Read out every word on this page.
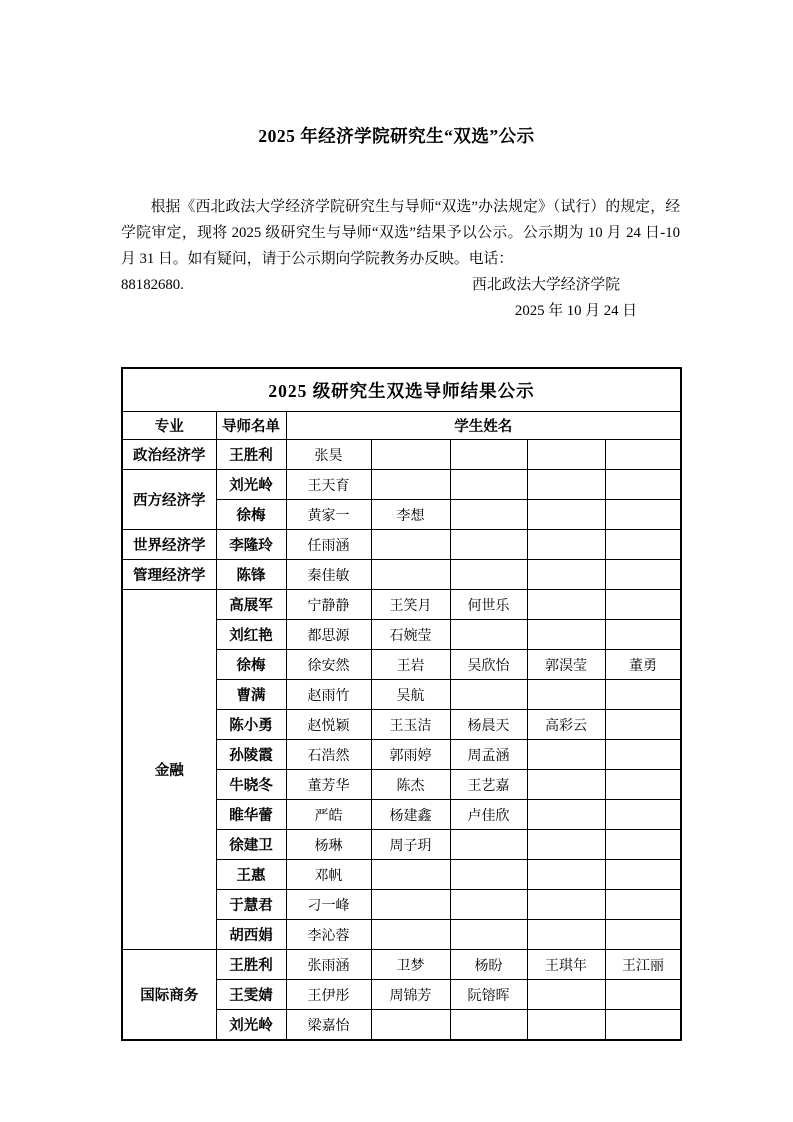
2025 年经济学院研究生“双选”公示

根据《西北政法大学经济学院研究生与导师“双选”办法规定》（试行）的规定，经学院审定，现将 2025 级研究生与导师“双选”结果予以公示。公示期为 10 月 24 日-10 月 31 日。如有疑问，请于公示期向学院教务办反映。电话：

88182680.	西北政法大学经济学院
2025 年 10 月 24 日
2025 级研究生双选导师结果公示							
专业	导师名单	学生姓名					
政治经济学	王胜利	张昊					
西方经济学	刘光岭	王天育					
	徐梅	黄家一	李想				
世界经济学	李隆玲	任雨涵					
管理经济学	陈锋	秦佳敏					
金融	高展军	宁静静	王笑月	何世乐			
	刘红艳	都思源	石婉莹				
	徐梅	徐安然	王岩	吴欣怡	郭淏莹	董勇	
	曹满	赵雨竹	吴航				
	陈小勇	赵悦颖	王玉洁	杨晨天	高彩云		
	孙陵霞	石浩然	郭雨婷	周孟涵			
	牛晓冬	董芳华	陈杰	王艺嘉			
	睢华蕾	严皓	杨建鑫	卢佳欣			
	徐建卫	杨琳	周子玥				
	王惠	邓帆					
	于慧君	刁一峰					
	胡西娟	李沁蓉					
国际商务	王胜利	张雨涵	卫梦	杨盼	王琪年	王江丽	
	王雯婧	王伊彤	周锦芳	阮镕晖			
	刘光岭	梁嘉怡					
